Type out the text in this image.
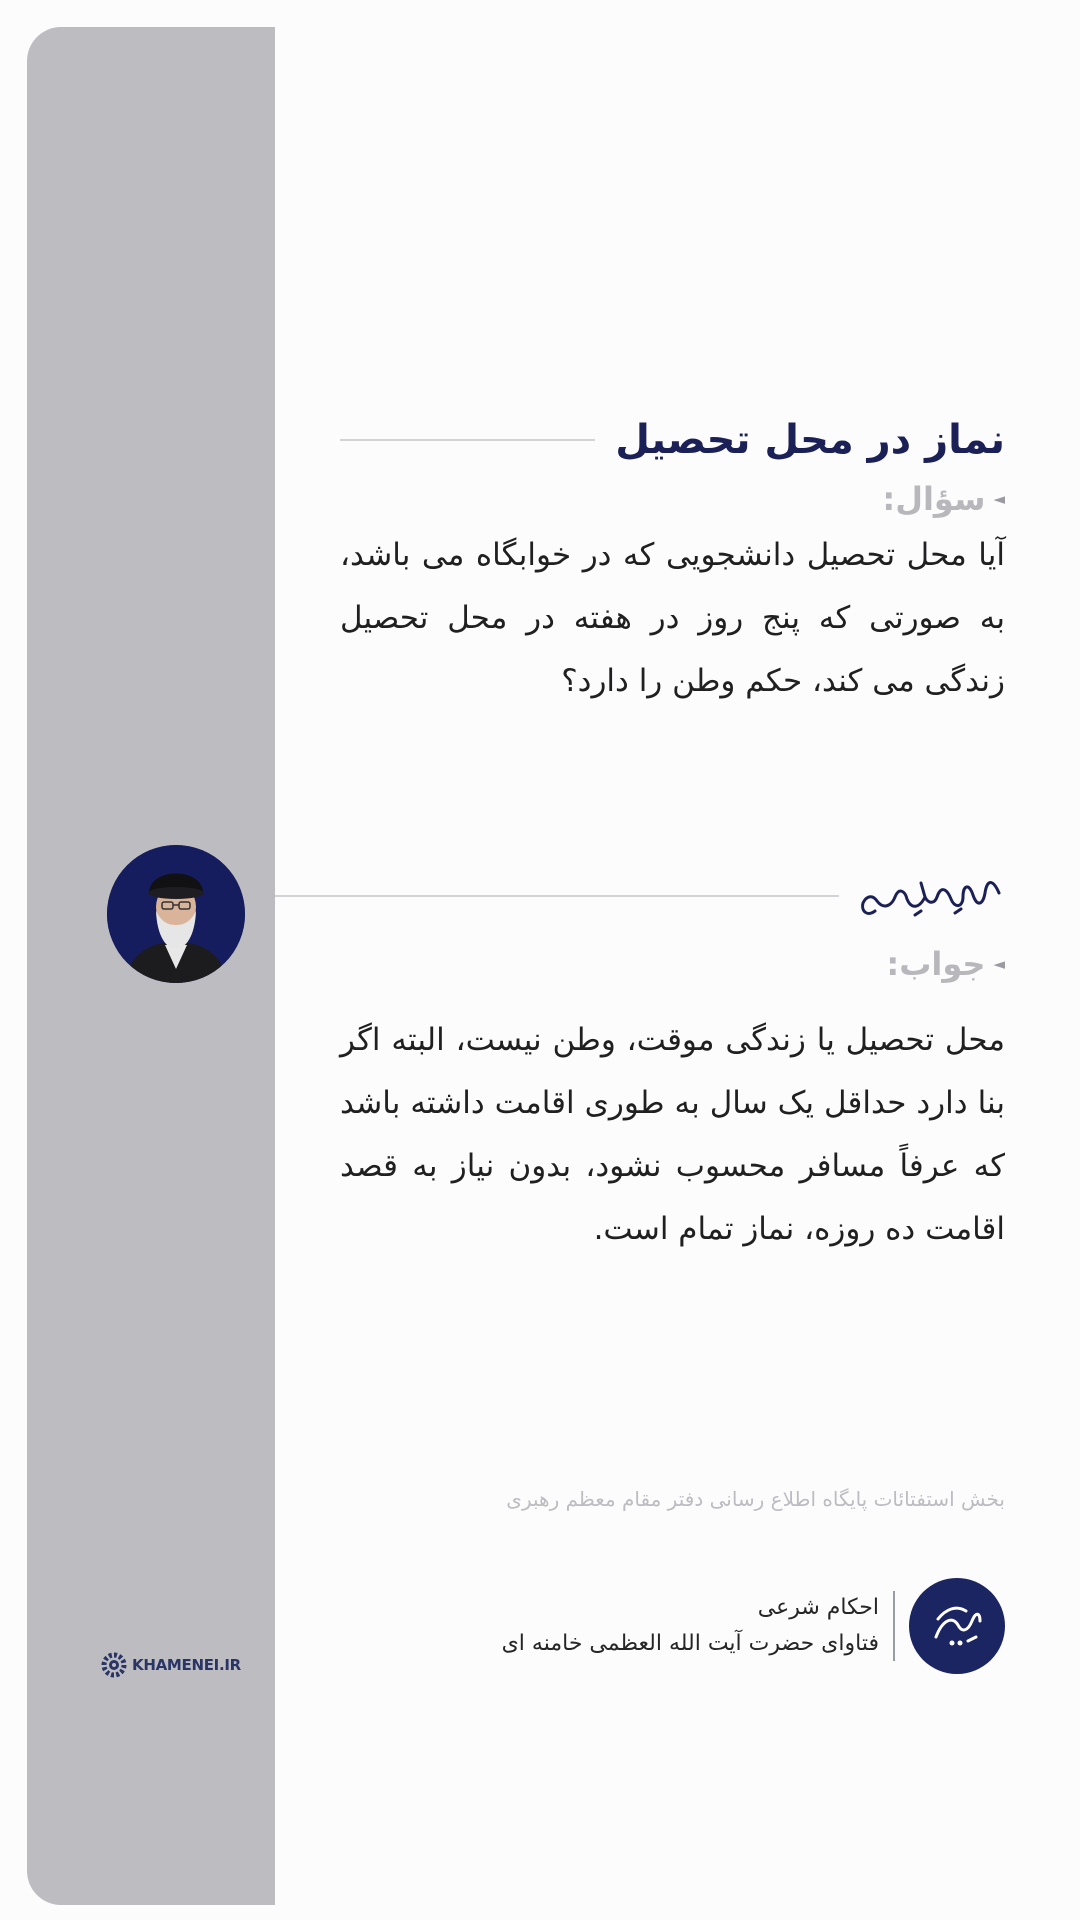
KHAMENEI.IR
نماز در محل تحصیل
◄
سؤال:

آیا محل تحصیل دانشجویی که در خوابگاه می باشد، به صورتی که پنج روز در هفته در محل تحصیل زندگی می کند، حکم وطن را دارد؟

◄
جواب:

محل تحصیل یا زندگی موقت، وطن نیست، البته اگر بنا دارد حداقل یک سال به طوری اقامت داشته باشد که عرفاً مسافر محسوب نشود، بدون نیاز به قصد اقامت ده روزه، نماز تمام است.

بخش استفتائات پایگاه اطلاع رسانی دفتر مقام معظم رهبری

احکام شرعی
فتاوای حضرت آیت الله العظمی خامنه ای
